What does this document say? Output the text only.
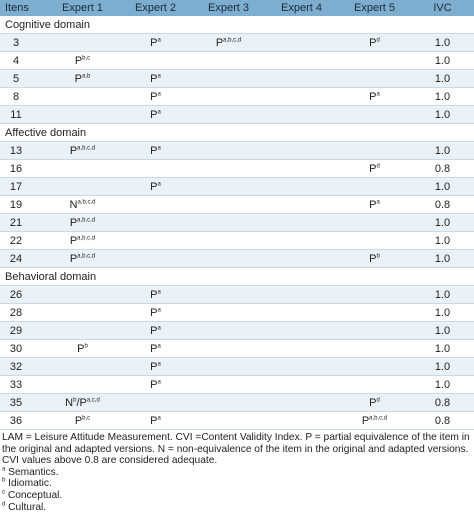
Itens	Expert 1	Expert 2	Expert 3	Expert 4	Expert 5	IVC
Cognitive domain						
3		$P^a$	P$^{a,b,c,d}$		$P^d$	1.0
4	P$^{b,c}$					1.0
5	P$^{a,b}$	$P^a$				1.0
8		$P^a$			$P^a$	1.0
11		$P^a$				1.0
Affective domain						
13	P$^{a,b,c,d}$	$P^a$				1.0
16					$P^d$	0.8
17		$P^a$				1.0
19	N$^{a,b,c,d}$				$P^a$	0.8
21	P$^{a,b,c,d}$					1.0
22	P$^{a,b,c,d}$					1.0
24	P$^{a,b,c,d}$				$P^b$	1.0
Behavioral domain						
26		$P^a$				1.0
28		$P^a$				1.0
29		$P^a$				1.0
30	$P^b$	$P^a$				1.0
32		$P^a$				1.0
33		$P^a$				1.0
35	$N^b/P^{a,c,d}$				$P^d$	0.8
36	P$^{b,c}$	$P^a$			P$^{a,b,c,d}$	0.8

LAM = Leisure Attitude Measurement. CVI =Content Validity Index. P = partial equivalence of the item in the original and adapted versions. N = non-equivalence of the item in the original and adapted versions. CVI values above 0.8 are considered adequate.

$^a$ Semantics.

$^b$ Idiomatic.

$^c$ Conceptual.

$^d$ Cultural.
